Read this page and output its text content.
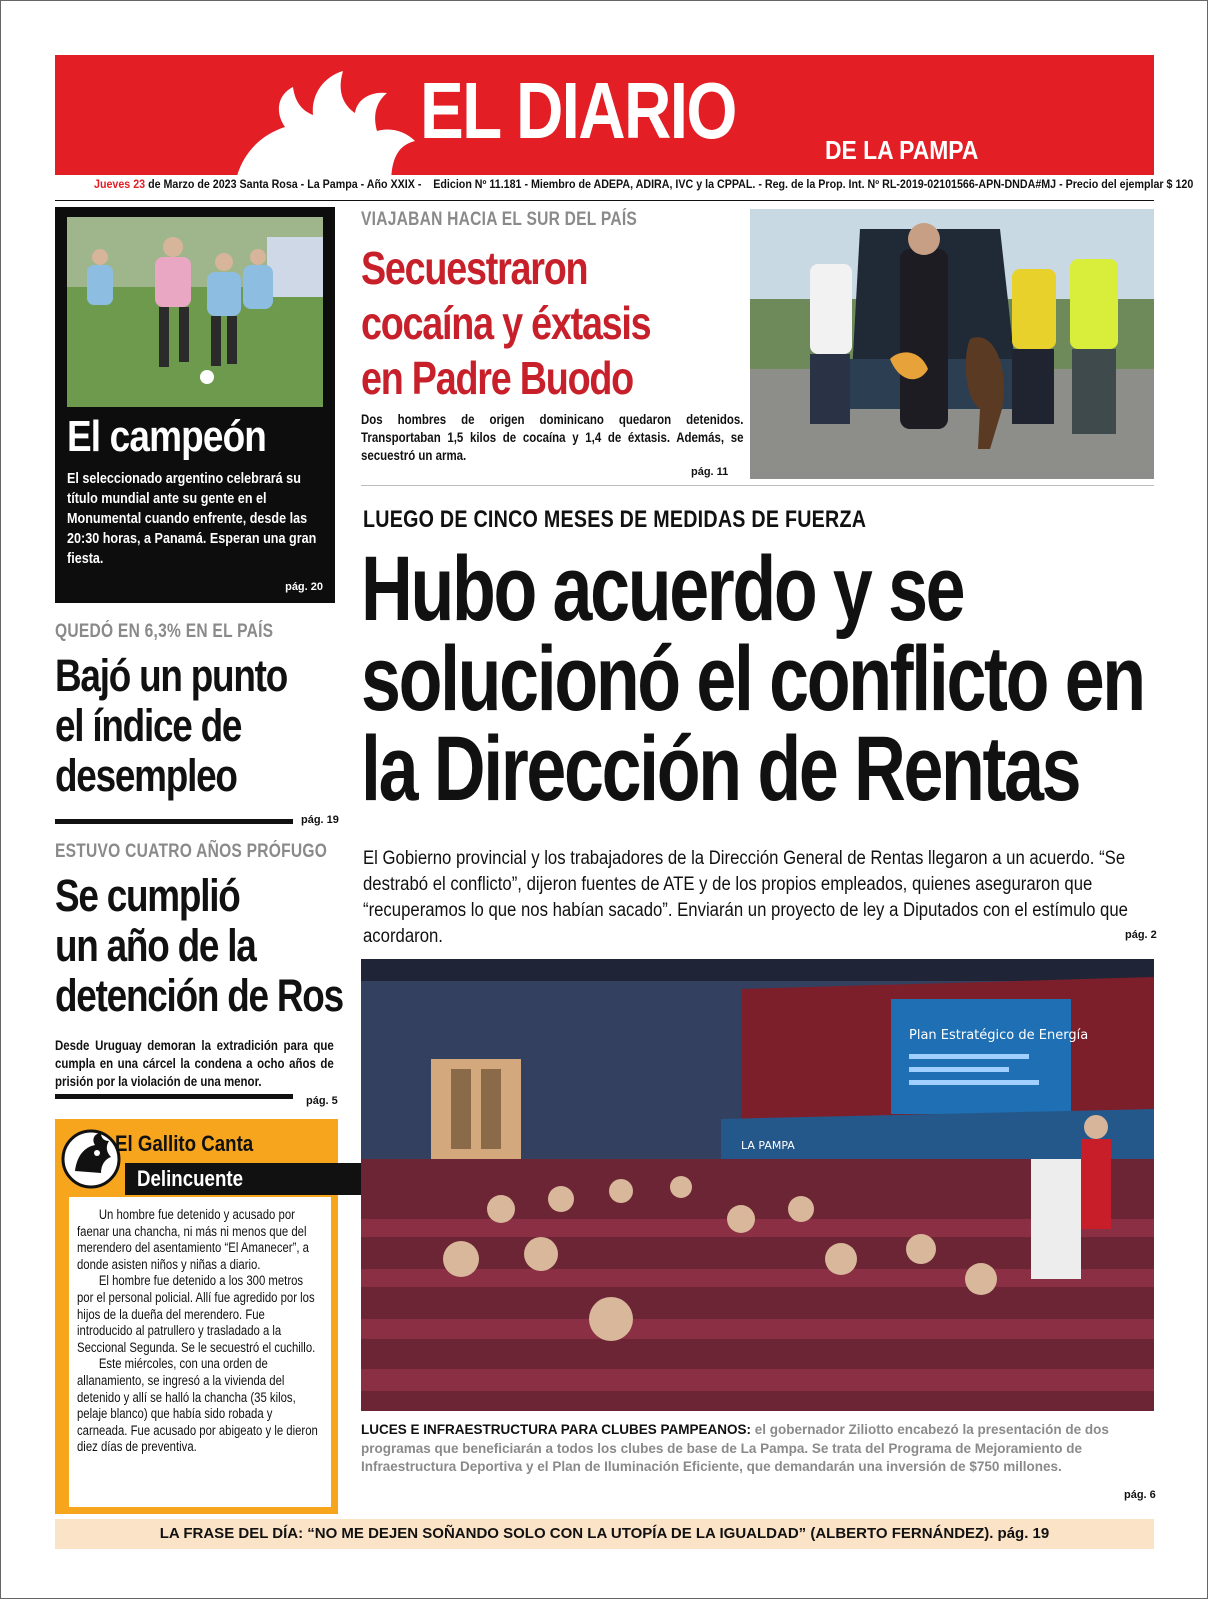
EL DIARIO	DE LA PAMPA
Jueves 23 de Marzo de 2023 Santa Rosa - La Pampa - Año XXIX - Edicion Nº 11.181 - Miembro de ADEPA, ADIRA, IVC y la CPPAL. - Reg. de la Prop. Int. Nº RL-2019-02101566-APN-DNDA#MJ - Precio del ejemplar $ 120
El campeón

El seleccionado argentino celebrará su título mundial ante su gente en el Monumental cuando enfrente, desde las 20:30 horas, a Panamá. Esperan una gran fiesta.

pág. 20
QUEDÓ EN 6,3% EN EL PAÍS
Bajó un punto
el índice de
desempleo
pág. 19
ESTUVO CUATRO AÑOS PRÓFUGO
Se cumplió
un año de la
detención de Ros
Desde Uruguay demoran la extradición para que cumpla en una cárcel la condena a ocho años de prisión por la violación de una menor.
pág. 5
El Gallito Canta
Delincuente

Un hombre fue detenido y acusado por faenar una chancha, ni más ni menos que del merendero del asentamiento “El Amanecer”, a donde asisten niños y niñas a diario.

El hombre fue detenido a los 300 metros por el personal policial. Allí fue agredido por los hijos de la dueña del merendero. Fue introducido al patrullero y trasladado a la Seccional Segunda. Se le secuestró el cuchillo.

Este miércoles, con una orden de allanamiento, se ingresó a la vivienda del detenido y allí se halló la chancha (35 kilos, pelaje blanco) que había sido robada y carneada. Fue acusado por abigeato y le dieron diez días de preventiva.

VIAJABAN HACIA EL SUR DEL PAÍS
Secuestraron
cocaína y éxtasis
en Padre Buodo
Dos hombres de origen dominicano quedaron detenidos. Transportaban 1,5 kilos de cocaína y 1,4 de éxtasis. Además, se secuestró un arma.
pág. 11
LUEGO DE CINCO MESES DE MEDIDAS DE FUERZA
Hubo acuerdo y se
solucionó el conflicto en
la Dirección de Rentas
El Gobierno provincial y los trabajadores de la Dirección General de Rentas llegaron a un acuerdo. “Se destrabó el conflicto”, dijeron fuentes de ATE y de los propios empleados, quienes aseguraron que “recuperamos lo que nos habían sacado”. Enviarán un proyecto de ley a Diputados con el estímulo que acordaron.	pág. 2
Plan Estratégico de Energía
LA PAMPA
LUCES E INFRAESTRUCTURA PARA CLUBES PAMPEANOS: el gobernador Ziliotto encabezó la presentación de dos programas que beneficiarán a todos los clubes de base de La Pampa. Se trata del Programa de Mejoramiento de Infraestructura Deportiva y el Plan de Iluminación Eficiente, que demandarán una inversión de $750 millones.
pág. 6
LA FRASE DEL DÍA: “NO ME DEJEN SOÑANDO SOLO CON LA UTOPÍA DE LA IGUALDAD” (ALBERTO FERNÁNDEZ). pág. 19
